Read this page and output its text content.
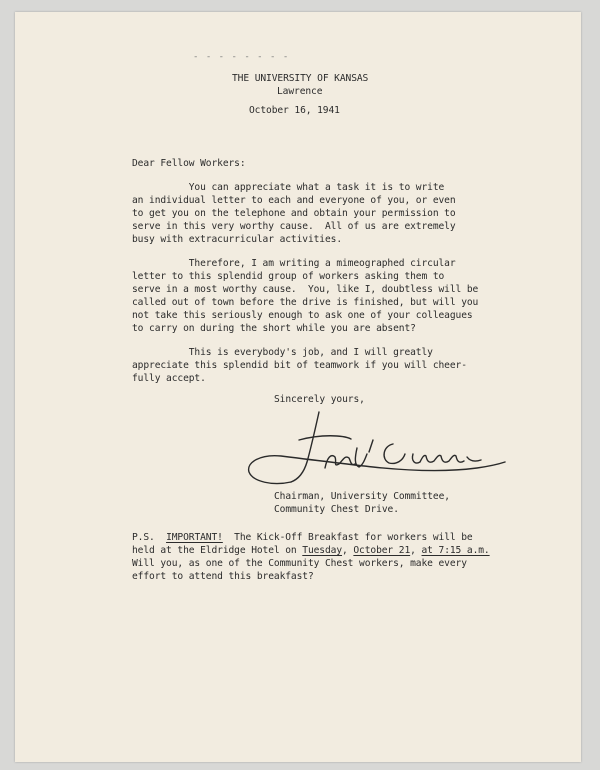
- - - - - - - -
THE UNIVERSITY OF KANSAS
Lawrence
October 16, 1941
Dear Fellow Workers:
You can appreciate what a task it is to write
an individual letter to each and everyone of you, or even
to get you on the telephone and obtain your permission to
serve in this very worthy cause.  All of us are extremely
busy with extracurricular activities.
Therefore, I am writing a mimeographed circular
letter to this splendid group of workers asking them to
serve in a most worthy cause.  You, like I, doubtless will be
called out of town before the drive is finished, but will you
not take this seriously enough to ask one of your colleagues
to carry on during the short while you are absent?
This is everybody's job, and I will greatly
appreciate this splendid bit of teamwork if you will cheer-
fully accept.
Sincerely yours,
Chairman, University Committee,
Community Chest Drive.
P.S.  IMPORTANT!  The Kick-Off Breakfast for workers will be
held at the Eldridge Hotel on Tuesday, October 21, at 7:15 a.m.
Will you, as one of the Community Chest workers, make every
effort to attend this breakfast?
